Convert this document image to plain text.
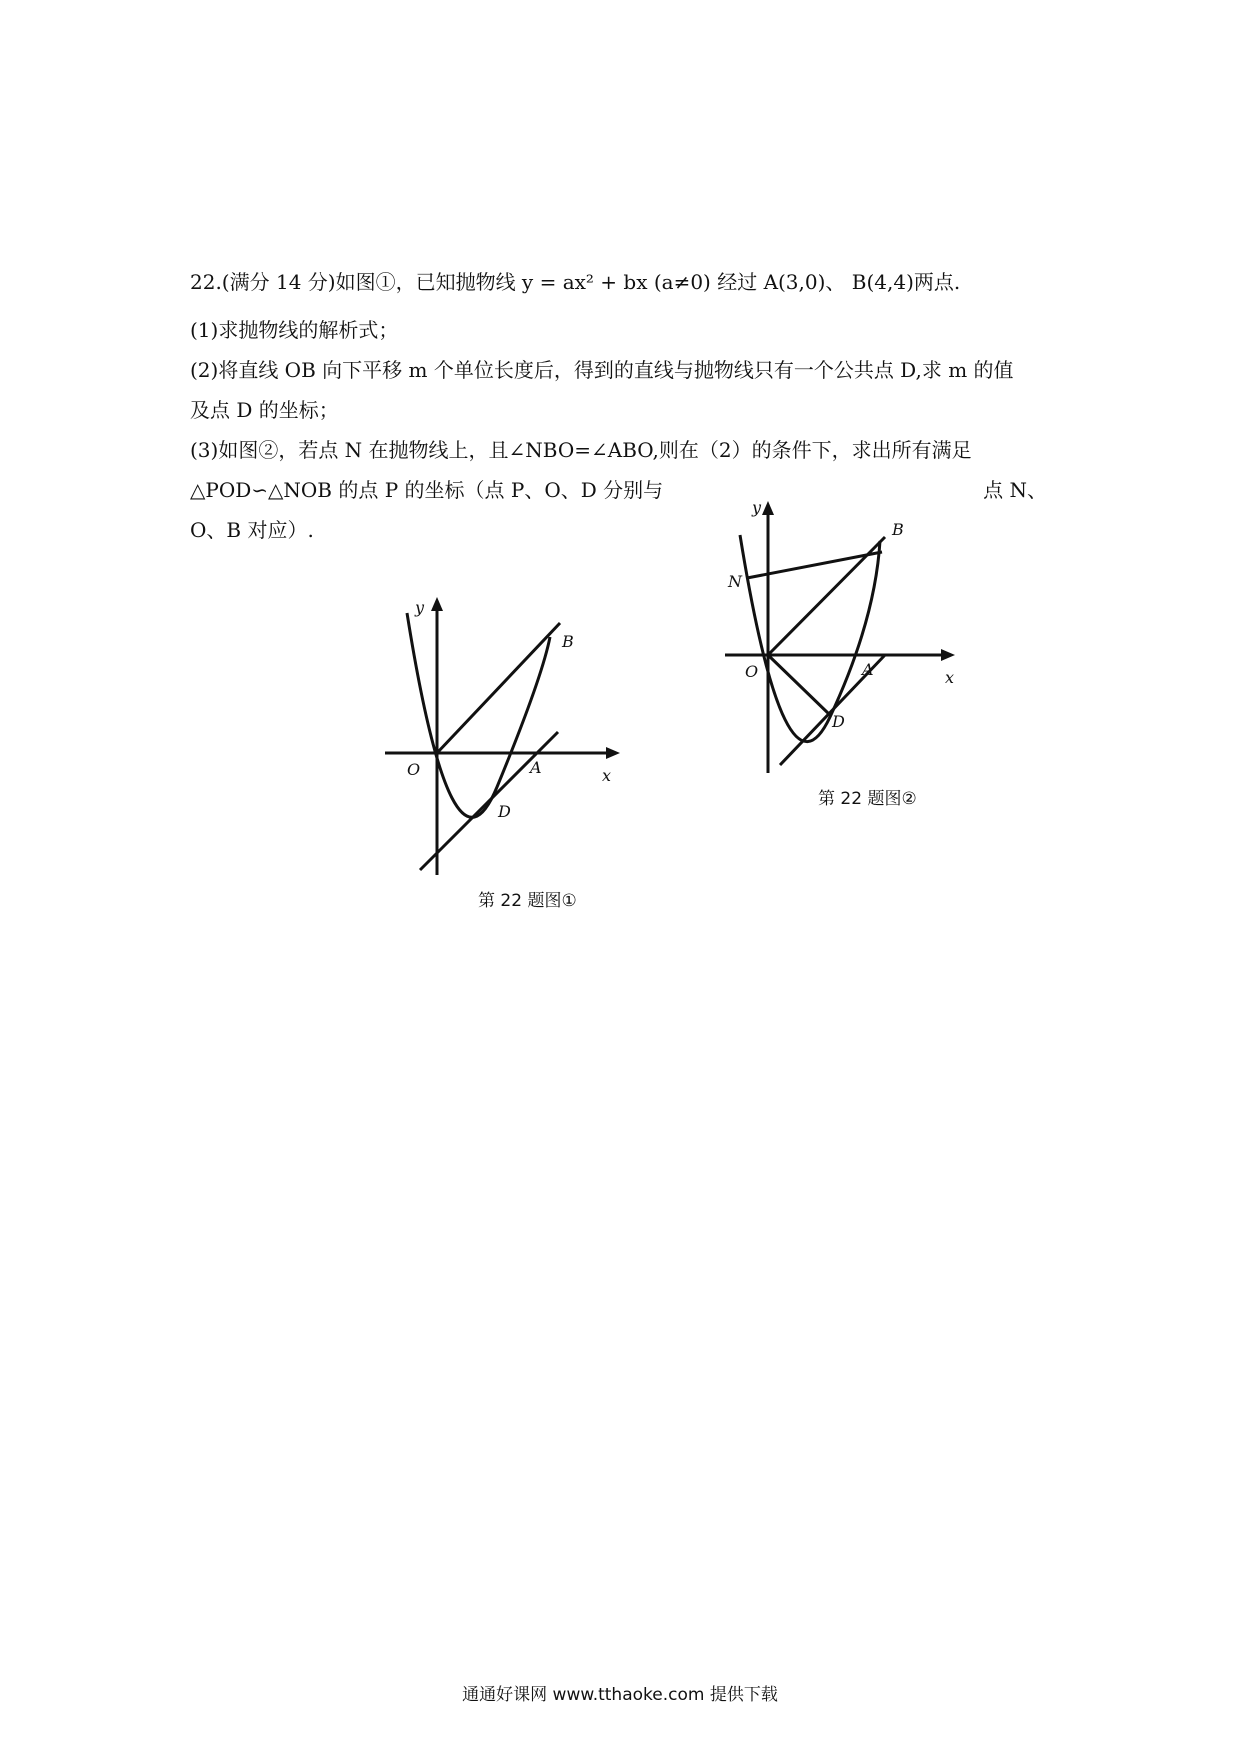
22.(满分 14 分)如图①，已知抛物线 y = ax² + bx (a≠0) 经过 A(3,0)、 B(4,4)两点.
(1)求抛物线的解析式；
(2)将直线 OB 向下平移 m 个单位长度后，得到的直线与抛物线只有一个公共点 D,求 m 的值
及点 D 的坐标；
(3)如图②，若点 N 在抛物线上，且∠NBO=∠ABO,则在（2）的条件下，求出所有满足
△POD∽△NOB 的点 P 的坐标（点 P、O、D 分别与	点 N、
O、B 对应）.
y
x
O	A
B
D
第 22 题图①
y
x
O	A
B
D
N
第 22 题图②
通通好课网 www.tthaoke.com 提供下载
